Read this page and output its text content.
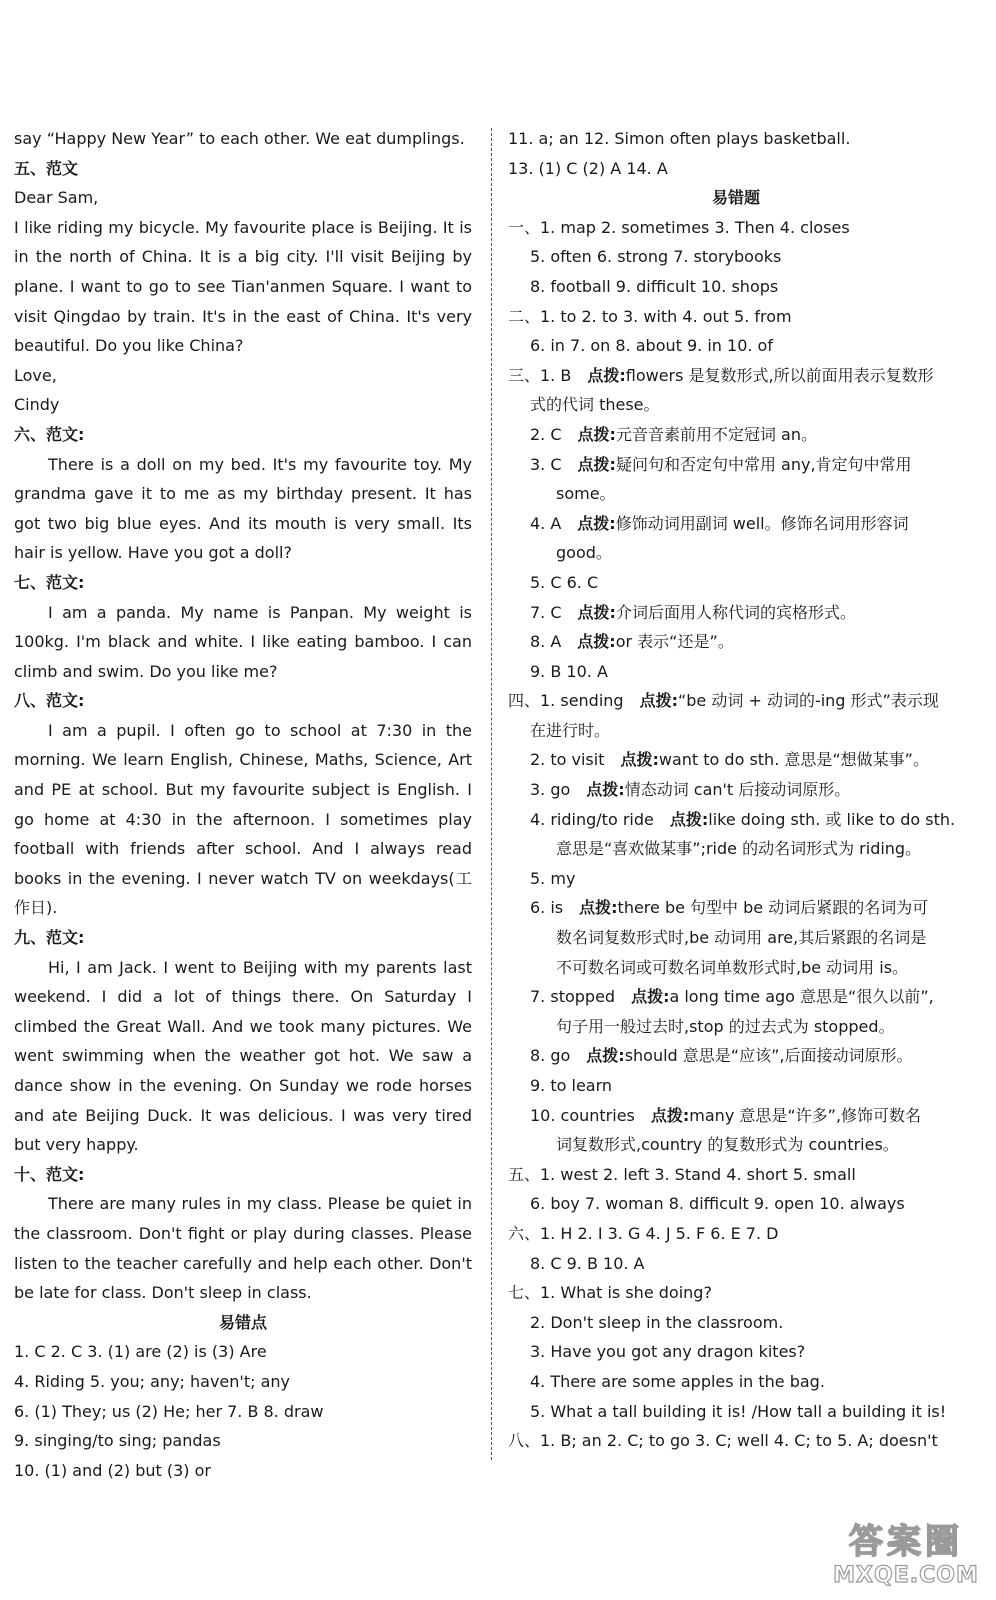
say “Happy New Year” to each other. We eat dumplings.

五、范文

Dear Sam,

I like riding my bicycle. My favourite place is Beijing. It is in the north of China. It is a big city. I'll visit Beijing by plane. I want to go to see Tian'anmen Square. I want to visit Qingdao by train. It's in the east of China. It's very beautiful. Do you like China?

Love,

Cindy

六、范文:

There is a doll on my bed. It's my favourite toy. My grandma gave it to me as my birthday present. It has got two big blue eyes. And its mouth is very small. Its hair is yellow. Have you got a doll?

七、范文:

I am a panda. My name is Panpan. My weight is 100kg. I'm black and white. I like eating bamboo. I can climb and swim. Do you like me?

八、范文:

I am a pupil. I often go to school at 7:30 in the morning. We learn English, Chinese, Maths, Science, Art and PE at school. But my favourite subject is English. I go home at 4:30 in the afternoon. I sometimes play football with friends after school. And I always read books in the evening. I never watch TV on weekdays(工作日).

九、范文:

Hi, I am Jack. I went to Beijing with my parents last weekend. I did a lot of things there. On Saturday I climbed the Great Wall. And we took many pictures. We went swimming when the weather got hot. We saw a dance show in the evening. On Sunday we rode horses and ate Beijing Duck. It was delicious. I was very tired but very happy.

十、范文:

There are many rules in my class. Please be quiet in the classroom. Don't fight or play during classes. Please listen to the teacher carefully and help each other. Don't be late for class. Don't sleep in class.

易错点

1. C 2. C 3. (1) are (2) is (3) Are

4. Riding 5. you; any; haven't; any

6. (1) They; us (2) He; her 7. B 8. draw

9. singing/to sing; pandas

10. (1) and (2) but (3) or

11. a; an 12. Simon often plays basketball.

13. (1) C (2) A 14. A

易错题

一、1. map 2. sometimes 3. Then 4. closes

5. often 6. strong 7. storybooks

8. football 9. difficult 10. shops

二、1. to 2. to 3. with 4. out 5. from

6. in 7. on 8. about 9. in 10. of

三、1. B 点拨:flowers 是复数形式,所以前面用表示复数形

式的代词 these。

2. C 点拨:元音音素前用不定冠词 an。

3. C 点拨:疑问句和否定句中常用 any,肯定句中常用

some。

4. A 点拨:修饰动词用副词 well。修饰名词用形容词

good。

5. C 6. C

7. C 点拨:介词后面用人称代词的宾格形式。

8. A 点拨:or 表示“还是”。

9. B 10. A

四、1. sending 点拨:“be 动词 + 动词的-ing 形式”表示现

在进行时。

2. to visit 点拨:want to do sth. 意思是“想做某事”。

3. go 点拨:情态动词 can't 后接动词原形。

4. riding/to ride 点拨:like doing sth. 或 like to do sth.

意思是“喜欢做某事”;ride 的动名词形式为 riding。

5. my

6. is 点拨:there be 句型中 be 动词后紧跟的名词为可

数名词复数形式时,be 动词用 are,其后紧跟的名词是

不可数名词或可数名词单数形式时,be 动词用 is。

7. stopped 点拨:a long time ago 意思是“很久以前”,

句子用一般过去时,stop 的过去式为 stopped。

8. go 点拨:should 意思是“应该”,后面接动词原形。

9. to learn

10. countries 点拨:many 意思是“许多”,修饰可数名

词复数形式,country 的复数形式为 countries。

五、1. west 2. left 3. Stand 4. short 5. small

6. boy 7. woman 8. difficult 9. open 10. always

六、1. H 2. I 3. G 4. J 5. F 6. E 7. D

8. C 9. B 10. A

七、1. What is she doing?

2. Don't sleep in the classroom.

3. Have you got any dragon kites?

4. There are some apples in the bag.

5. What a tall building it is! /How tall a building it is!

八、1. B; an 2. C; to go 3. C; well 4. C; to 5. A; doesn't

答案圈
MXQE.COM
